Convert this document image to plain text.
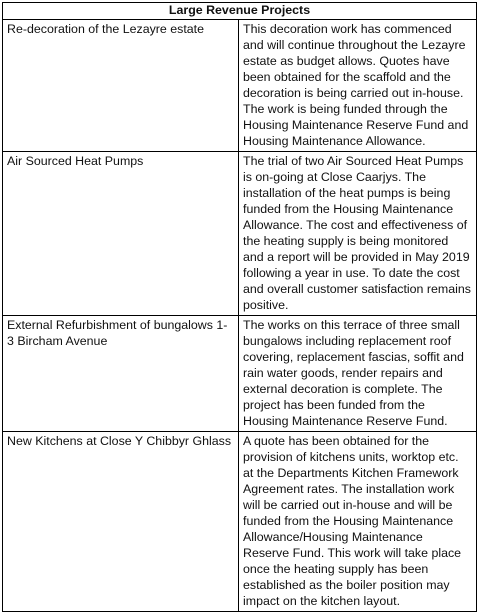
Large Revenue Projects	
Re-decoration of the Lezayre estate	This decoration work has commenced and will continue throughout the Lezayre estate as budget allows. Quotes have been obtained for the scaffold and the decoration is being carried out in-house. The work is being funded through the Housing Maintenance Reserve Fund and Housing Maintenance Allowance.
Air Sourced Heat Pumps	The trial of two Air Sourced Heat Pumps is on-going at Close Caarjys. The installation of the heat pumps is being funded from the Housing Maintenance Allowance. The cost and effectiveness of the heating supply is being monitored and a report will be provided in May 2019 following a year in use. To date the cost and overall customer satisfaction remains positive.
External Refurbishment of bungalows 1-3 Bircham Avenue	The works on this terrace of three small bungalows including replacement roof covering, replacement fascias, soffit and rain water goods, render repairs and external decoration is complete. The project has been funded from the Housing Maintenance Reserve Fund.
New Kitchens at Close Y Chibbyr Ghlass	A quote has been obtained for the provision of kitchens units, worktop etc. at the Departments Kitchen Framework Agreement rates. The installation work will be carried out in-house and will be funded from the Housing Maintenance Allowance/Housing Maintenance Reserve Fund. This work will take place once the heating supply has been established as the boiler position may impact on the kitchen layout.
